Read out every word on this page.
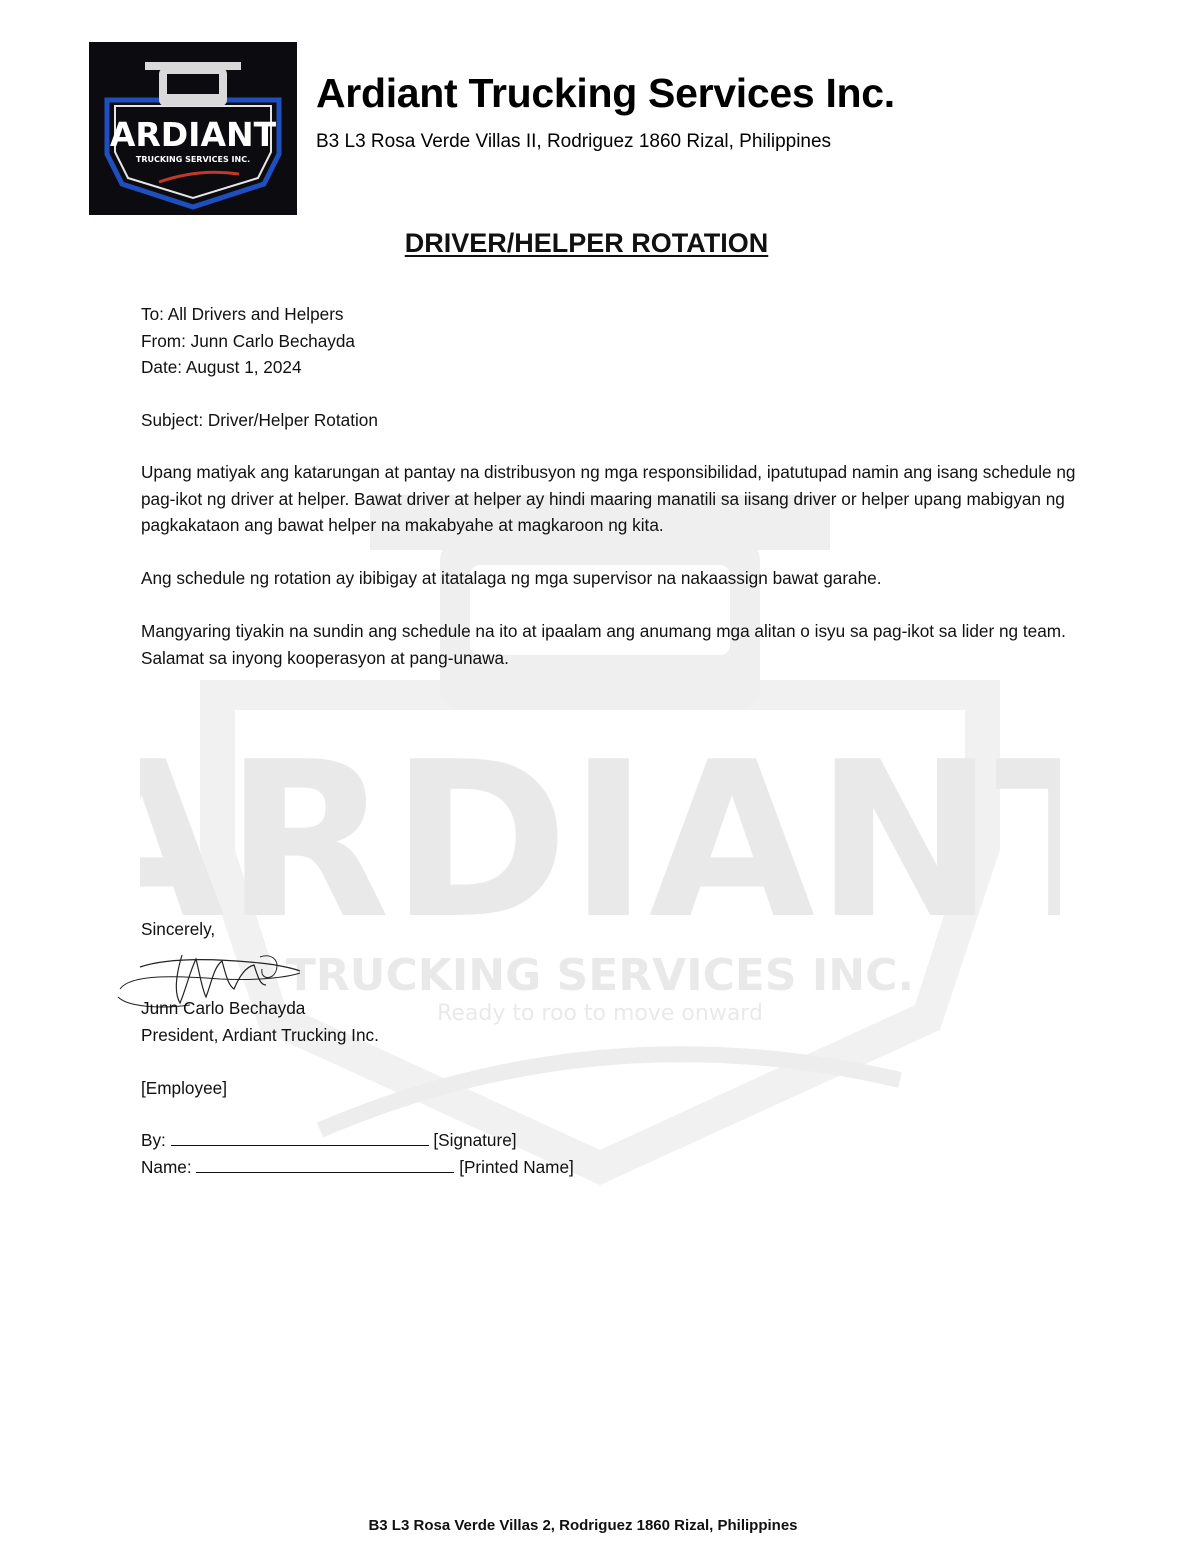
ARDIAN
TRUCKING SERVICES INC.
Ready to roo to move onward
ARDIANT
TRUCKING SERVICES INC.
Ardiant Trucking Services Inc.
B3 L3 Rosa Verde Villas II, Rodriguez 1860 Rizal, Philippines
DRIVER/HELPER ROTATION
To: All Drivers and Helpers
From: Junn Carlo Bechayda
Date: August 1, 2024
Subject: Driver/Helper Rotation
Upang matiyak ang katarungan at pantay na distribusyon ng mga responsibilidad, ipatutupad namin ang isang schedule ng pag-ikot ng driver at helper. Bawat driver at helper ay hindi maaring manatili sa iisang driver or helper upang mabigyan ng pagkakataon ang bawat helper na makabyahe at magkaroon ng kita.
Ang schedule ng rotation ay ibibigay at itatalaga ng mga supervisor na nakaassign bawat garahe.
Mangyaring tiyakin na sundin ang schedule na ito at ipaalam ang anumang mga alitan o isyu sa pag-ikot sa lider ng team. Salamat sa inyong kooperasyon at pang-unawa.
Sincerely,
Junn Carlo Bechayda
President, Ardiant Trucking Inc.
[Employee]
By:	[Signature]
Name:	[Printed Name]
B3 L3 Rosa Verde Villas 2, Rodriguez 1860 Rizal, Philippines
